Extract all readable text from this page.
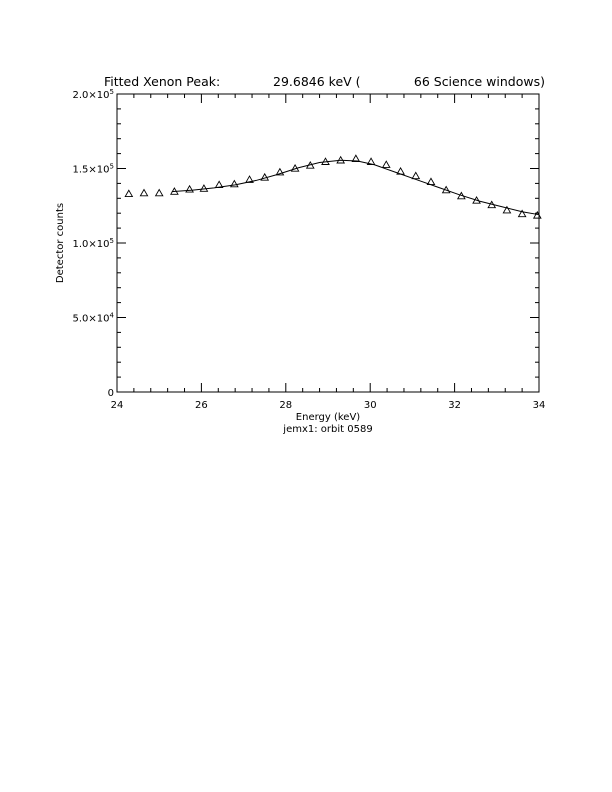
Fitted Xenon Peak:	29.6846 keV (	66 Science windows)
24	26	28	30	32	34
0
$5.0\times 10^4$
$1.0\times 10^5$
$1.5\times 10^5$
$2.0\times 10^5$
Energy (keV)
jemx1: orbit 0589
Detector counts
